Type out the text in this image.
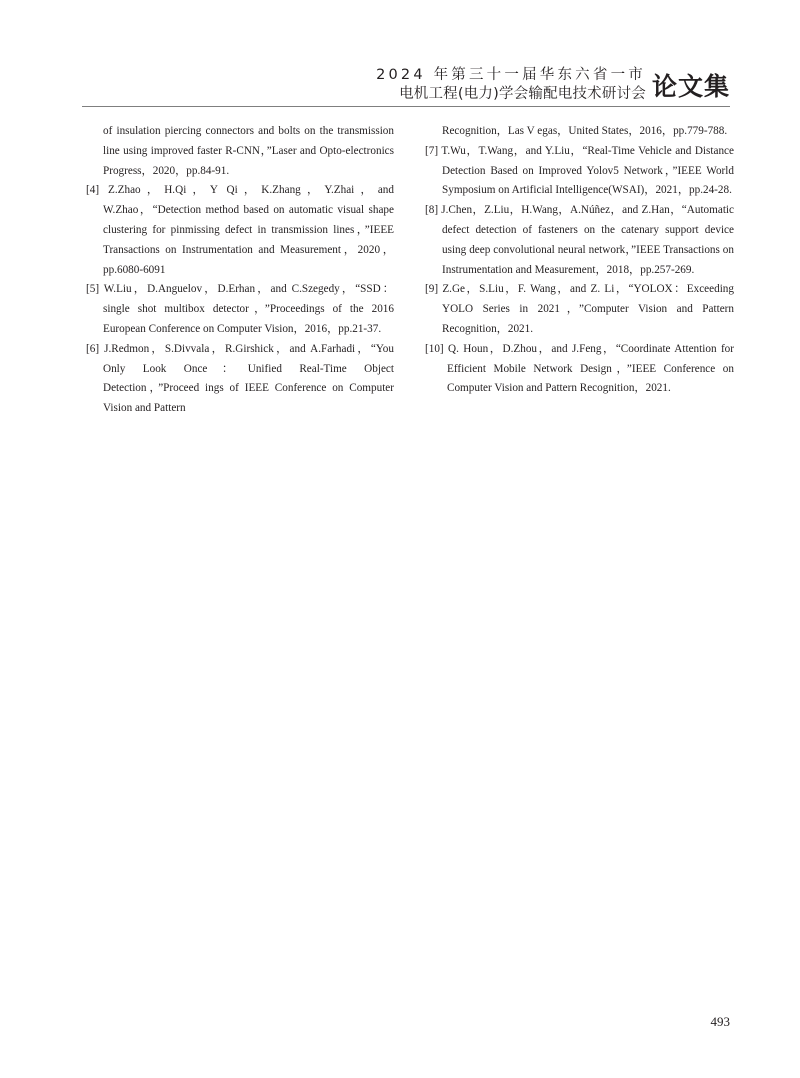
2024 年第三十一届华东六省一市
电机工程(电力)学会输配电技术研讨会 论文集

of insulation piercing connectors and bolts on the transmission line using improved faster R-CNN，”Laser and Opto-electronics Progress，2020，pp.84-91.

[4] Z.Zhao，H.Qi，Y Qi，K.Zhang，Y.Zhai，and W.Zhao，“Detection method based on automatic visual shape clustering for pinmissing defect in transmission lines，”IEEE Transactions on Instrumentation and Measurement，2020，pp.6080-6091

[5] W.Liu，D.Anguelov，D.Erhan，and C.Szegedy，“SSD：single shot multibox detector，”Proceedings of the 2016 European Conference on Computer Vision，2016，pp.21-37.

[6] J.Redmon，S.Divvala，R.Girshick，and A.Farhadi，“You Only Look Once：Unified Real-Time Object Detection，”Proceed ings of IEEE Conference on Computer Vision and Pattern

Recognition，Las V egas，United States，2016，pp.779-788.

[7] T.Wu，T.Wang，and Y.Liu，“Real-Time Vehicle and Distance Detection Based on Improved Yolov5 Network，”IEEE World Symposium on Artificial Intelligence(WSAI)，2021，pp.24-28.

[8] J.Chen，Z.Liu，H.Wang，A.Núñez，and Z.Han，“Automatic defect detection of fasteners on the catenary support device using deep convolutional neural network，”IEEE Transactions on Instrumentation and Measurement，2018，pp.257-269.

[9] Z.Ge，S.Liu，F. Wang，and Z. Li，“YOLOX：Exceeding YOLO Series in 2021，”Computer Vision and Pattern Recognition，2021.

[10] Q. Houn，D.Zhou，and J.Feng，“Coordinate Attention for Efficient Mobile Network Design，”IEEE Conference on Computer Vision and Pattern Recognition，2021.

493
